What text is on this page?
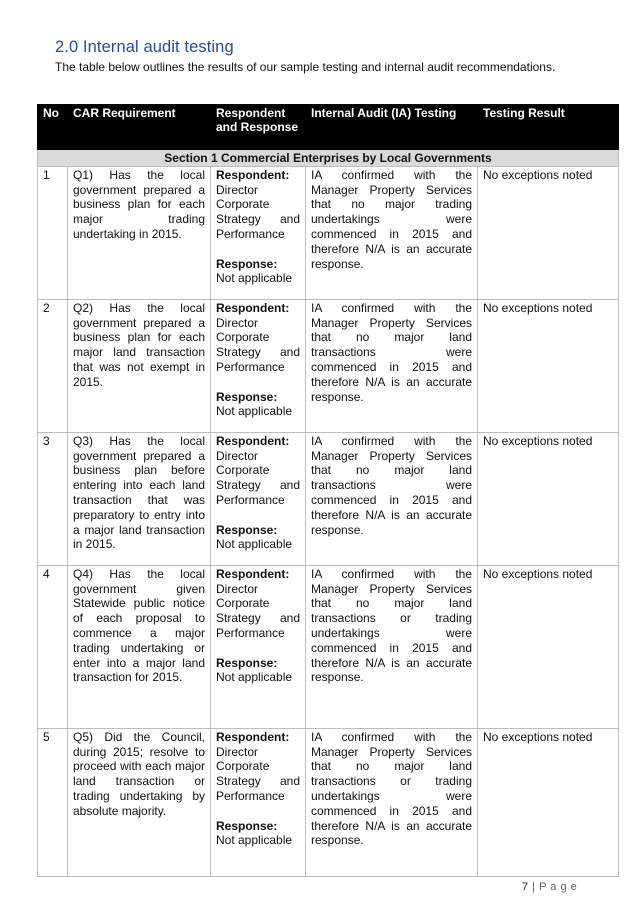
2.0 Internal audit testing
The table below outlines the results of our sample testing and internal audit recommendations.
No	CAR Requirement	Respondent and Response	Internal Audit (IA) Testing	Testing Result
Section 1 Commercial Enterprises by Local Governments				
1	Q1) Has the local government prepared a business plan for each major trading undertaking in 2015.	Respondent:
Director Corporate Strategy and Performance
Response:
Not applicable	IA confirmed with the Manager Property Services that no major trading undertakings were commenced in 2015 and therefore N/A is an accurate response.	No exceptions noted
2	Q2) Has the local government prepared a business plan for each major land transaction that was not exempt in 2015.	Respondent:
Director Corporate Strategy and Performance
Response:
Not applicable	IA confirmed with the Manager Property Services that no major land transactions were commenced in 2015 and therefore N/A is an accurate response.	No exceptions noted
3	Q3) Has the local government prepared a business plan before entering into each land transaction that was preparatory to entry into a major land transaction in 2015.	Respondent:
Director Corporate Strategy and Performance
Response:
Not applicable	IA confirmed with the Manager Property Services that no major land transactions were commenced in 2015 and therefore N/A is an accurate response.	No exceptions noted
4	Q4) Has the local government given Statewide public notice of each proposal to commence a major trading undertaking or enter into a major land transaction for 2015.	Respondent:
Director Corporate Strategy and Performance
Response:
Not applicable	IA confirmed with the Manager Property Services that no major land transactions or trading undertakings were commenced in 2015 and therefore N/A is an accurate response.	No exceptions noted
5	Q5) Did the Council, during 2015; resolve to proceed with each major land transaction or trading undertaking by absolute majority.	Respondent:
Director Corporate Strategy and Performance
Response:
Not applicable	IA confirmed with the Manager Property Services that no major land transactions or trading undertakings were commenced in 2015 and therefore N/A is an accurate response.	No exceptions noted
7 | P a g e
